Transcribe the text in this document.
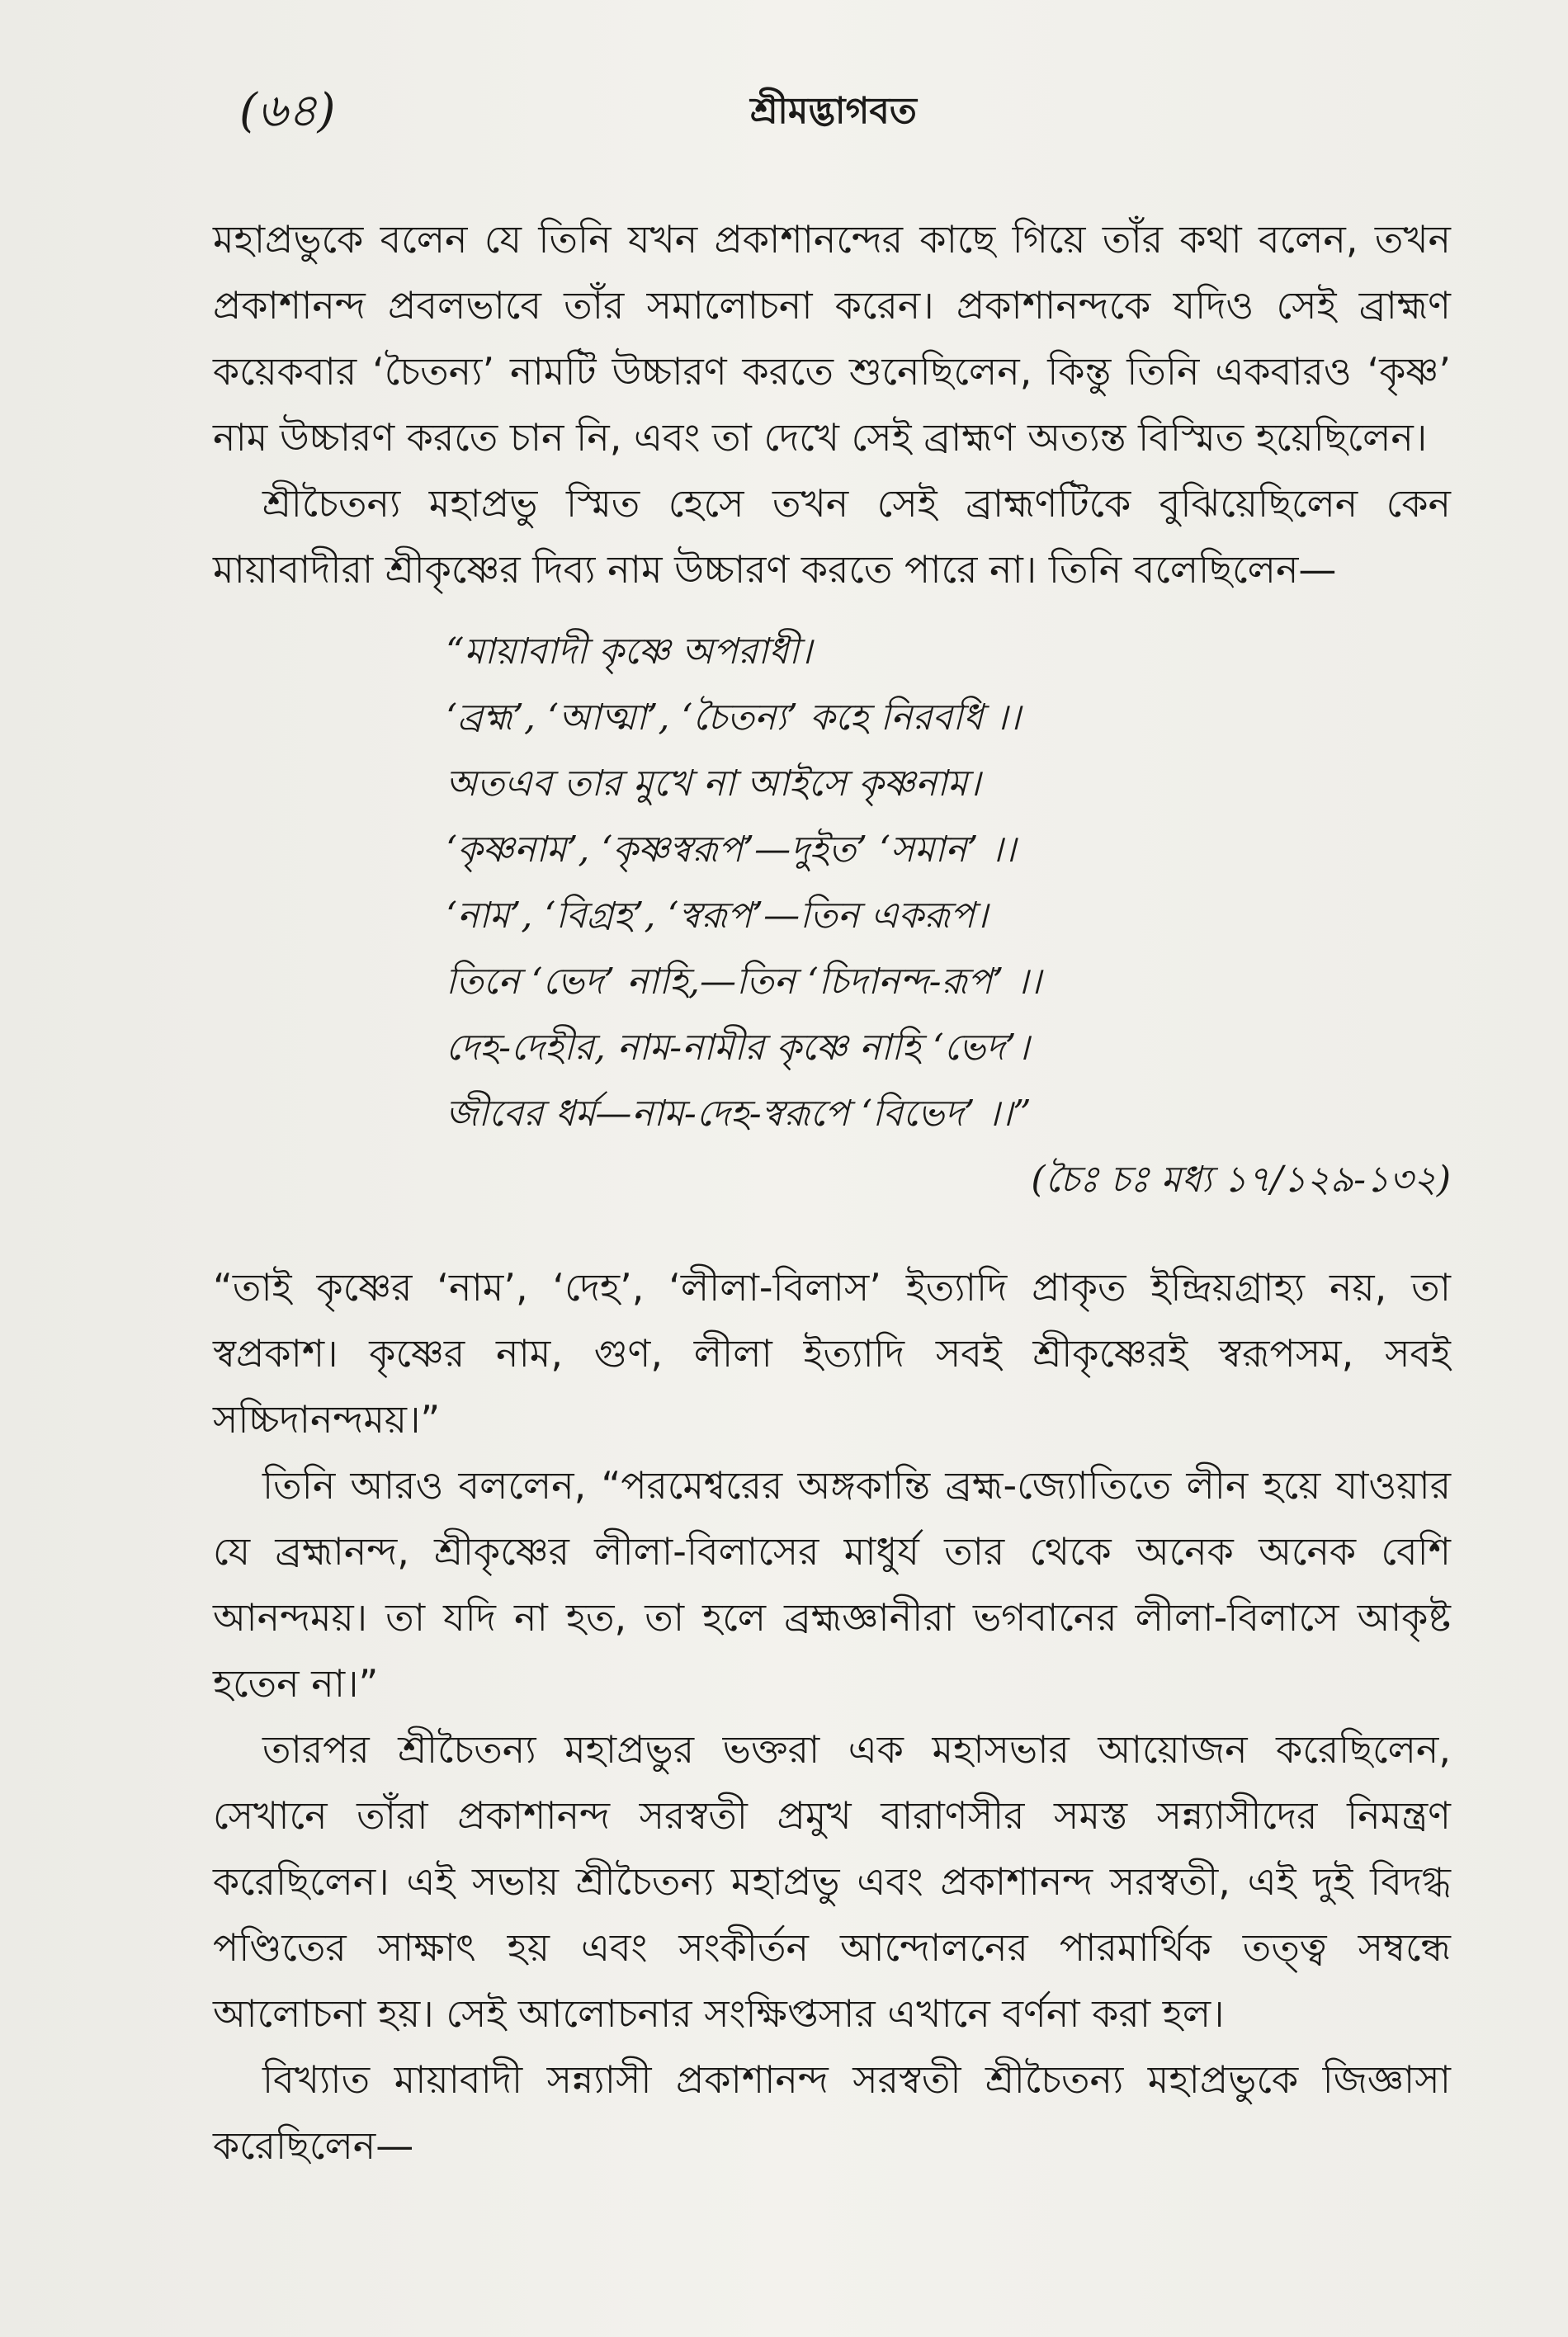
(৬৪)	শ্রীমদ্ভাগবত

মহাপ্রভুকে বলেন যে তিনি যখন প্রকাশানন্দের কাছে গিয়ে তাঁর কথা বলেন, তখন প্রকাশানন্দ প্রবলভাবে তাঁর সমালোচনা করেন। প্রকাশানন্দকে যদিও সেই ব্রাহ্মণ কয়েকবার ‘চৈতন্য’ নামটি উচ্চারণ করতে শুনেছিলেন, কিন্তু তিনি একবারও ‘কৃষ্ণ’ নাম উচ্চারণ করতে চান নি, এবং তা দেখে সেই ব্রাহ্মণ অত্যন্ত বিস্মিত হয়েছিলেন।

শ্রীচৈতন্য মহাপ্রভু স্মিত হেসে তখন সেই ব্রাহ্মণটিকে বুঝিয়েছিলেন কেন মায়াবাদীরা শ্রীকৃষ্ণের দিব্য নাম উচ্চারণ করতে পারে না। তিনি বলেছিলেন—

“মায়াবাদী কৃষ্ণে অপরাধী।
‘ব্রহ্ম’, ‘আত্মা’, ‘চৈতন্য’ কহে নিরবধি ।।
অতএব তার মুখে না আইসে কৃষ্ণনাম।
‘কৃষ্ণনাম’, ‘কৃষ্ণস্বরূপ’—দুইত’ ‘সমান’ ।।
‘নাম’, ‘বিগ্রহ’, ‘স্বরূপ’—তিন একরূপ।
তিনে ‘ভেদ’ নাহি,—তিন ‘চিদানন্দ-রূপ’ ।।
দেহ-দেহীর, নাম-নামীর কৃষ্ণে নাহি ‘ভেদ’।
জীবের ধর্ম—নাম-দেহ-স্বরূপে ‘বিভেদ’ ।।”
(চৈঃ চঃ মধ্য ১৭/১২৯-১৩২)

“তাই কৃষ্ণের ‘নাম’, ‘দেহ’, ‘লীলা-বিলাস’ ইত্যাদি প্রাকৃত ইন্দ্রিয়গ্রাহ্য নয়, তা স্বপ্রকাশ। কৃষ্ণের নাম, গুণ, লীলা ইত্যাদি সবই শ্রীকৃষ্ণেরই স্বরূপসম, সবই সচ্চিদানন্দময়।”

তিনি আরও বললেন, “পরমেশ্বরের অঙ্গকান্তি ব্রহ্ম-জ্যোতিতে লীন হয়ে যাওয়ার যে ব্রহ্মানন্দ, শ্রীকৃষ্ণের লীলা-বিলাসের মাধুর্য তার থেকে অনেক অনেক বেশি আনন্দময়। তা যদি না হত, তা হলে ব্রহ্মজ্ঞানীরা ভগবানের লীলা-বিলাসে আকৃষ্ট হতেন না।”

তারপর শ্রীচৈতন্য মহাপ্রভুর ভক্তরা এক মহাসভার আয়োজন করেছিলেন, সেখানে তাঁরা প্রকাশানন্দ সরস্বতী প্রমুখ বারাণসীর সমস্ত সন্ন্যাসীদের নিমন্ত্রণ করেছিলেন। এই সভায় শ্রীচৈতন্য মহাপ্রভু এবং প্রকাশানন্দ সরস্বতী, এই দুই বিদগ্ধ পণ্ডিতের সাক্ষাৎ হয় এবং সংকীর্তন আন্দোলনের পারমার্থিক তত্ত্ব সম্বন্ধে আলোচনা হয়। সেই আলোচনার সংক্ষিপ্তসার এখানে বর্ণনা করা হল।

বিখ্যাত মায়াবাদী সন্ন্যাসী প্রকাশানন্দ সরস্বতী শ্রীচৈতন্য মহাপ্রভুকে জিজ্ঞাসা করেছিলেন—
